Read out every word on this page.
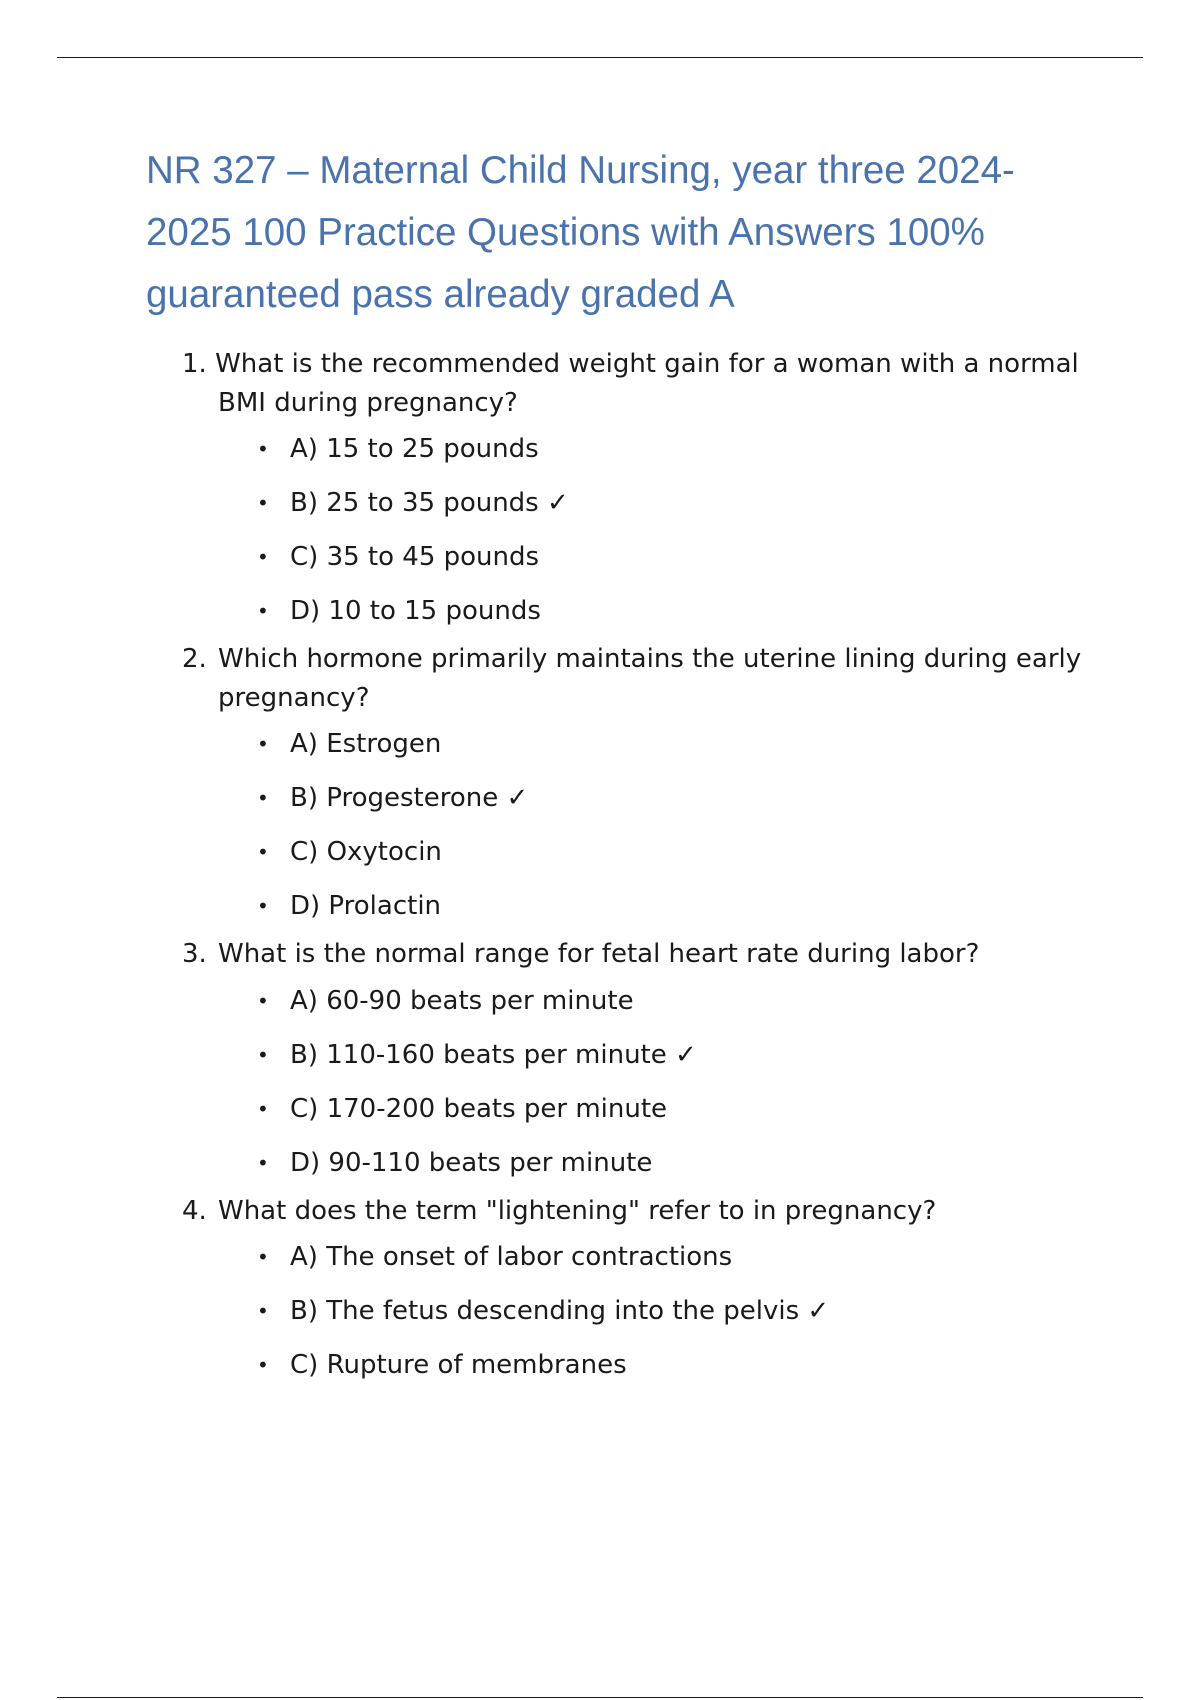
NR 327 – Maternal Child Nursing, year three 2024-2025 100 Practice Questions with Answers 100% guaranteed pass already graded A
1. What is the recommended weight gain for a woman with a normal BMI during pregnancy?
• A) 15 to 25 pounds
• B) 25 to 35 pounds ✓
• C) 35 to 45 pounds
• D) 10 to 15 pounds
2. Which hormone primarily maintains the uterine lining during early pregnancy?
• A) Estrogen
• B) Progesterone ✓
• C) Oxytocin
• D) Prolactin
3. What is the normal range for fetal heart rate during labor?
• A) 60-90 beats per minute
• B) 110-160 beats per minute ✓
• C) 170-200 beats per minute
• D) 90-110 beats per minute
4. What does the term "lightening" refer to in pregnancy?
• A) The onset of labor contractions
• B) The fetus descending into the pelvis ✓
• C) Rupture of membranes
